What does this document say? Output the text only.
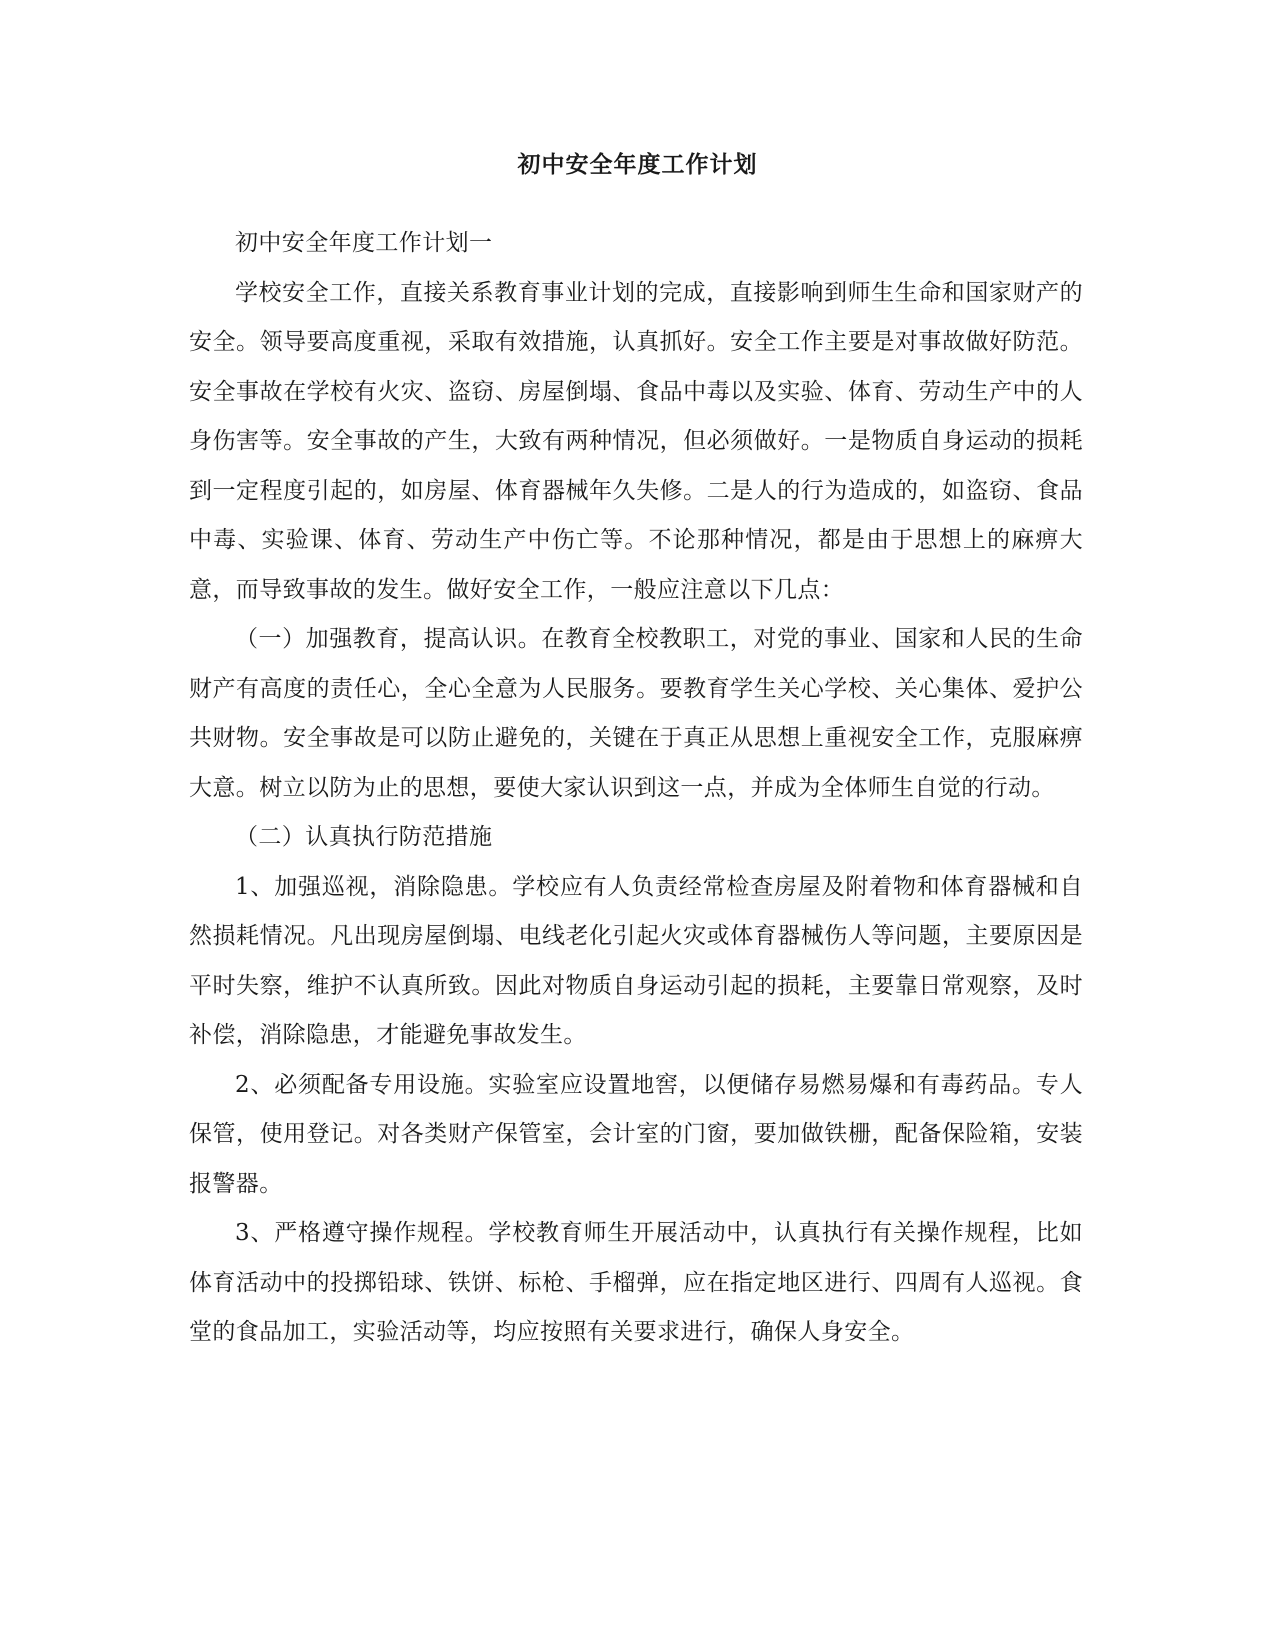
初中安全年度工作计划

初中安全年度工作计划一

学校安全工作，直接关系教育事业计划的完成，直接影响到师生生命和国家财产的安全。领导要高度重视，采取有效措施，认真抓好。安全工作主要是对事故做好防范。安全事故在学校有火灾、盗窃、房屋倒塌、食品中毒以及实验、体育、劳动生产中的人身伤害等。安全事故的产生，大致有两种情况，但必须做好。一是物质自身运动的损耗到一定程度引起的，如房屋、体育器械年久失修。二是人的行为造成的，如盗窃、食品中毒、实验课、体育、劳动生产中伤亡等。不论那种情况，都是由于思想上的麻痹大意，而导致事故的发生。做好安全工作，一般应注意以下几点：

（一）加强教育，提高认识。在教育全校教职工，对党的事业、国家和人民的生命财产有高度的责任心，全心全意为人民服务。要教育学生关心学校、关心集体、爱护公共财物。安全事故是可以防止避免的，关键在于真正从思想上重视安全工作，克服麻痹大意。树立以防为止的思想，要使大家认识到这一点，并成为全体师生自觉的行动。

（二）认真执行防范措施

1、加强巡视，消除隐患。学校应有人负责经常检查房屋及附着物和体育器械和自然损耗情况。凡出现房屋倒塌、电线老化引起火灾或体育器械伤人等问题，主要原因是平时失察，维护不认真所致。因此对物质自身运动引起的损耗，主要靠日常观察，及时补偿，消除隐患，才能避免事故发生。

2、必须配备专用设施。实验室应设置地窖，以便储存易燃易爆和有毒药品。专人保管，使用登记。对各类财产保管室，会计室的门窗，要加做铁栅，配备保险箱，安装报警器。

3、严格遵守操作规程。学校教育师生开展活动中，认真执行有关操作规程，比如体育活动中的投掷铅球、铁饼、标枪、手榴弹，应在指定地区进行、四周有人巡视。食堂的食品加工，实验活动等，均应按照有关要求进行，确保人身安全。
